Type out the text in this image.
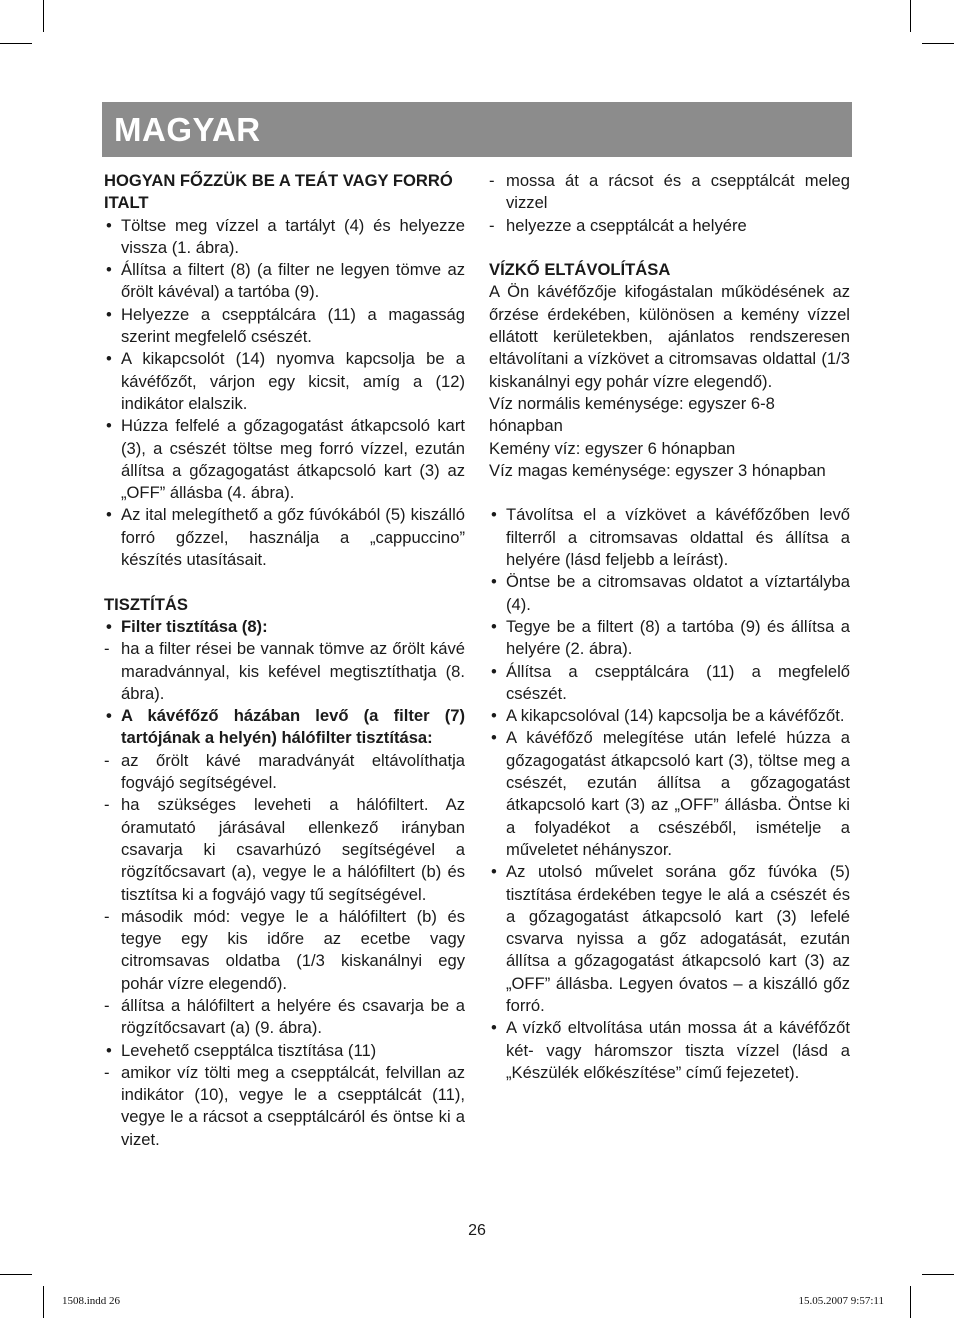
MAGYAR

HOGYAN FŐZZÜK BE A TEÁT VAGY FORRÓ ITALT

• Töltse meg vízzel a tartályt (4) és helyezze vissza (1. ábra).
• Állítsa a filtert (8) (a filter ne legyen tömve az őrölt kávéval) a tartóba (9).
• Helyezze a csepptálcára (11) a magasság szerint megfelelő csészét.
• A kikapcsolót (14) nyomva kapcsolja be a kávéfőzőt, várjon egy kicsit, amíg a (12) indikátor elalszik.
• Húzza felfelé a gőzagogatást átkapcsoló kart (3), a csészét töltse meg forró vízzel, ezután állítsa a gőzagogatást átkapcsoló kart (3) az „OFF” állásba (4. ábra).
• Az ital melegíthető a gőz fúvókából (5) kiszálló forró gőzzel, használja a „cappuccino” készítés utasításait.

TISZTÍTÁS

• Filter tisztítása (8):
- ha a filter rései be vannak tömve az őrölt kávé maradvánnyal, kis kefével megtisztíthatja (8. ábra).
• A kávéfőző házában levő (a filter (7) tartójának a helyén) hálófilter tisztítása:
- az őrölt kávé maradványát eltávolíthatja fogvájó segítségével.
- ha szükséges leveheti a hálófiltert. Az óramutató járásával ellenkező irányban csavarja ki csavarhúzó segítségével a rögzítőcsavart (a), vegye le a hálófiltert (b) és tisztítsa ki a fogvájó vagy tű segítségével.
- második mód: vegye le a hálófiltert (b) és tegye egy kis időre az ecetbe vagy citromsavas oldatba (1/3 kiskanálnyi egy pohár vízre elegendő).
- állítsa a hálófiltert a helyére és csavarja be a rögzítőcsavart (a) (9. ábra).
• Levehető csepptálca tisztítása (11)
- amikor víz tölti meg a csepptálcát, felvillan az indikátor (10), vegye le a csepptálcát (11), vegye le a rácsot a csepptálcáról és öntse ki a vizet.
- mossa át a rácsot és a csepptálcát meleg vizzel
- helyezze a csepptálcát a helyére

VÍZKŐ ELTÁVOLÍTÁSA

A Ön kávéfőzője kifogástalan működésének az őrzése érdekében, különösen a kemény vízzel ellátott kerületekben, ajánlatos rendszeresen eltávolítani a vízkövet a citromsavas oldattal (1/3 kiskanálnyi egy pohár vízre elegendő).

Víz normális keménysége: egyszer 6-8 hónapban

Kemény víz: egyszer 6 hónapban

Víz magas keménysége: egyszer 3 hónapban

• Távolítsa el a vízkövet a kávéfőzőben levő filterről a citromsavas oldattal és állítsa a helyére (lásd feljebb a leírást).
• Öntse be a citromsavas oldatot a víztartályba (4).
• Tegye be a filtert (8) a tartóba (9) és állítsa a helyére (2. ábra).
• Állítsa a csepptálcára (11) a megfelelő csészét.
• A kikapcsolóval (14) kapcsolja be a kávéfőzőt.
• A kávéfőző melegítése után lefelé húzza a gőzagogatást átkapcsoló kart (3), töltse meg a csészét, ezután állítsa a gőzagogatást átkapcsoló kart (3) az „OFF” állásba. Öntse ki a folyadékot a csészéből, ismételje a műveletet néhányszor.
• Az utolsó művelet sorána gőz fúvóka (5) tisztítása érdekében tegye le alá a csészét és a gőzagogatást átkapcsoló kart (3) lefelé csvarva nyissa a gőz adogatását, ezután állítsa a gőzagogatást átkapcsoló kart (3) az „OFF” állásba. Legyen óvatos – a kiszálló gőz forró.
• A vízkő eltvolítása után mossa át a kávéfőzőt két- vagy háromszor tiszta vízzel (lásd a „Készülék előkészítése” című fejezetet).
26
1508.indd 26	15.05.2007 9:57:11
